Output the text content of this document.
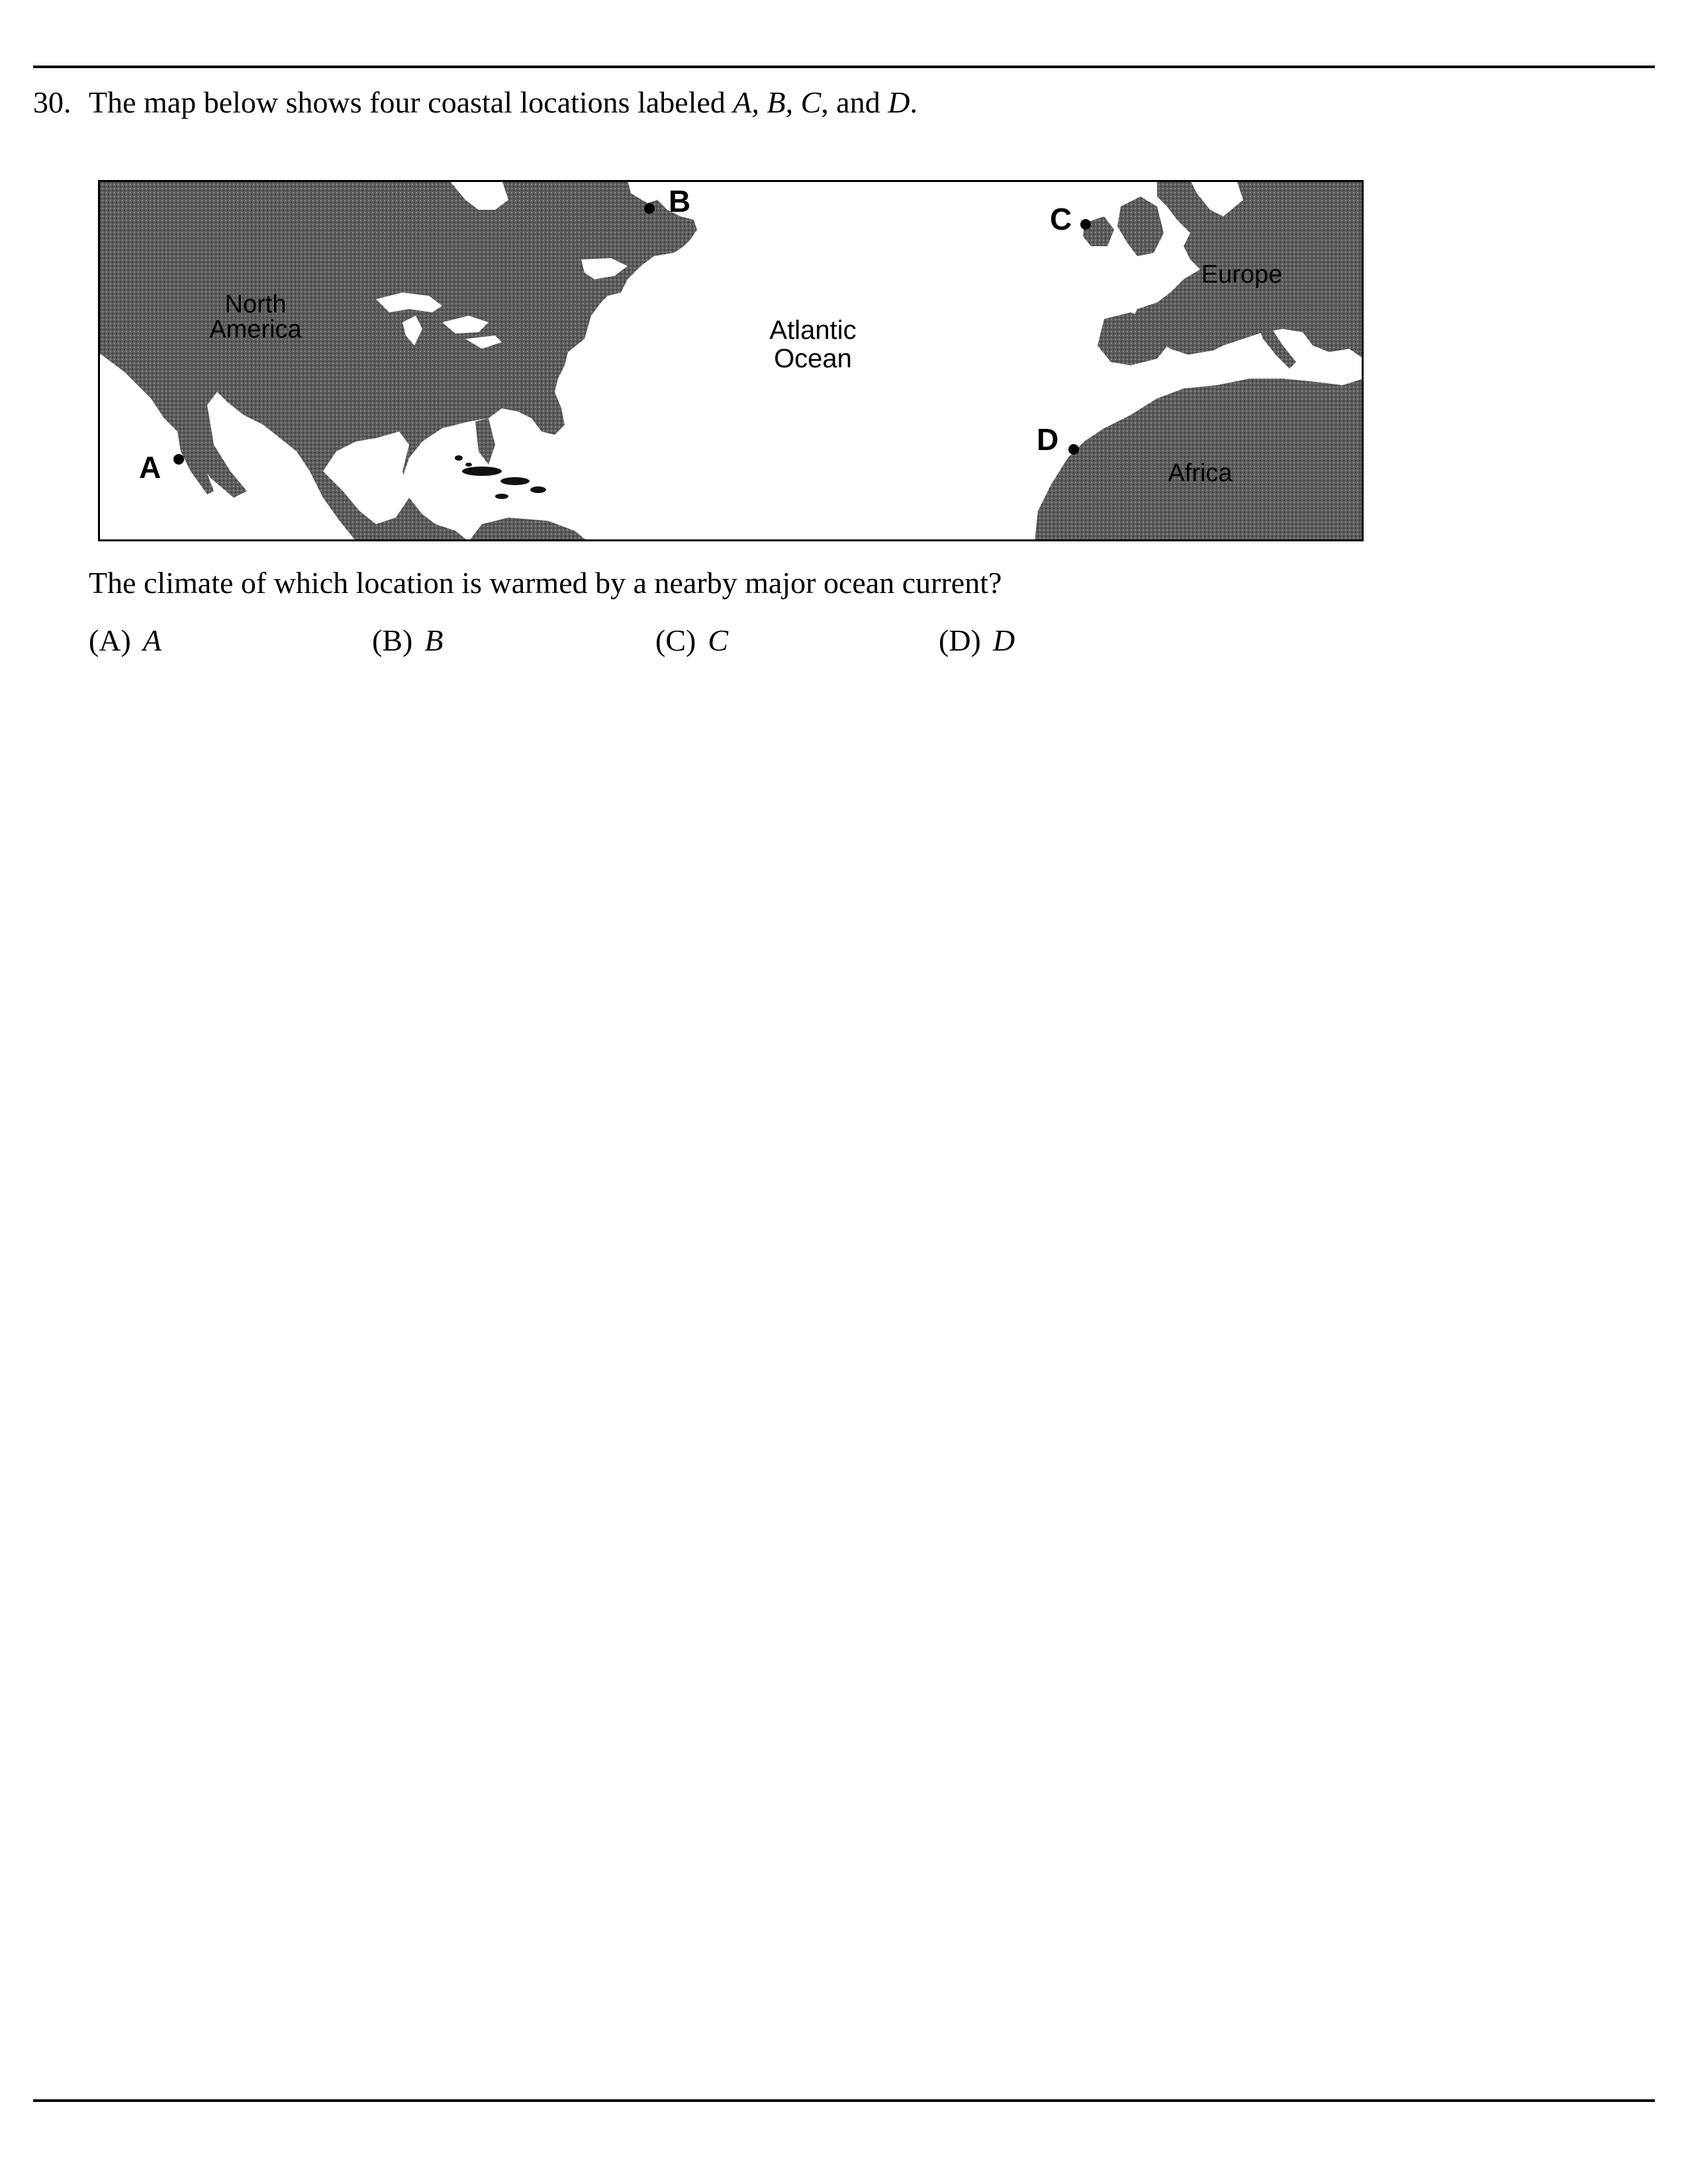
30. The map below shows four coastal locations labeled A, B, C, and D.
North
America	Atlantic
Ocean
Europe
Africa
A
B
C
D
The climate of which location is warmed by a nearby major ocean current?
(A) A	(B) B	(C) C	(D) D
